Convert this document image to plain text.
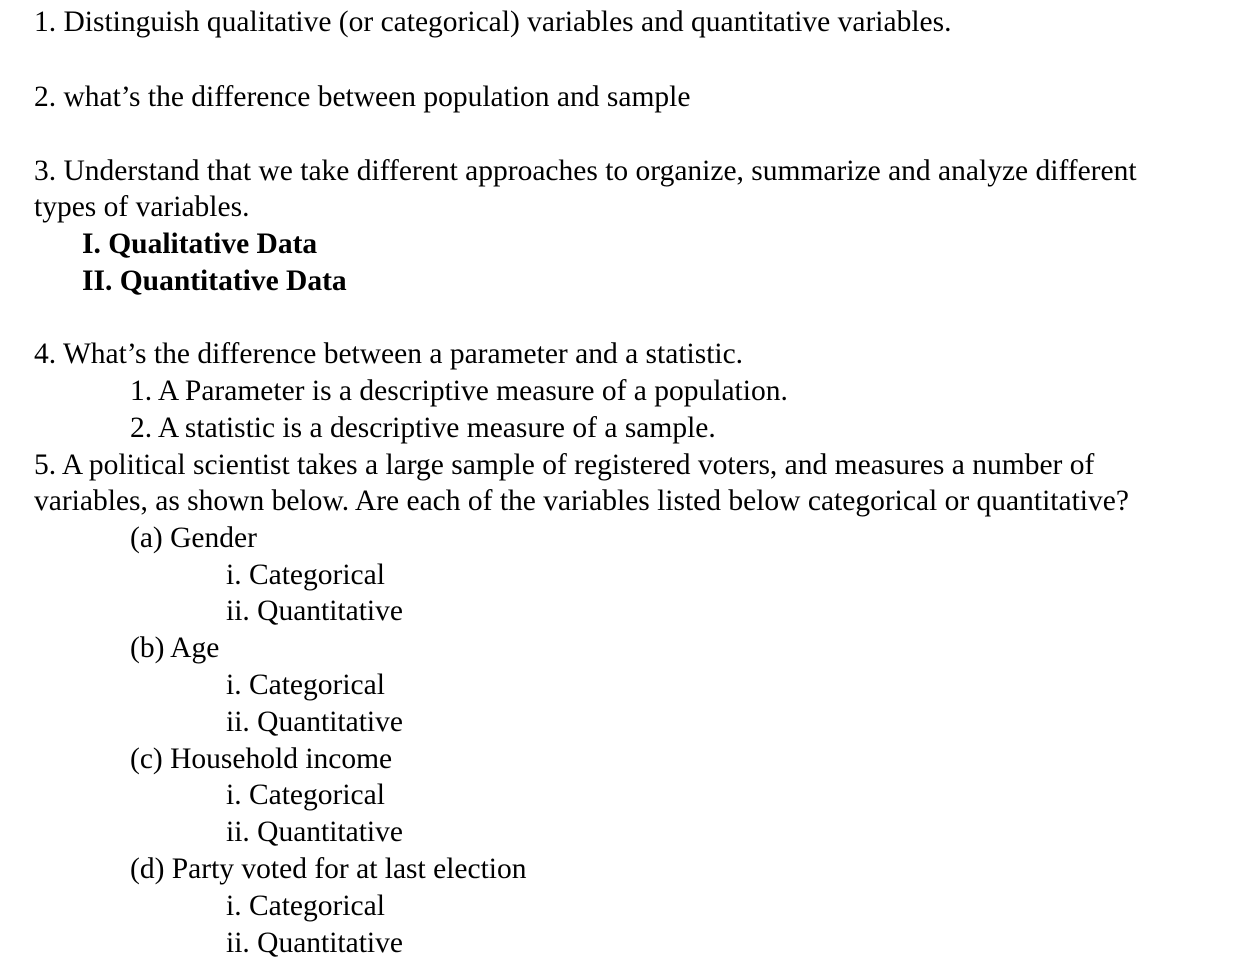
1. Distinguish qualitative (or categorical) variables and quantitative variables.
2. what’s the difference between population and sample
3. Understand that we take different approaches to organize, summarize and analyze different
types of variables.
I. Qualitative Data
II. Quantitative Data
4. What’s the difference between a parameter and a statistic.
1. A Parameter is a descriptive measure of a population.
2. A statistic is a descriptive measure of a sample.
5. A political scientist takes a large sample of registered voters, and measures a number of
variables, as shown below. Are each of the variables listed below categorical or quantitative?
(a) Gender
i. Categorical
ii. Quantitative
(b) Age
i. Categorical
ii. Quantitative
(c) Household income
i. Categorical
ii. Quantitative
(d) Party voted for at last election
i. Categorical
ii. Quantitative
